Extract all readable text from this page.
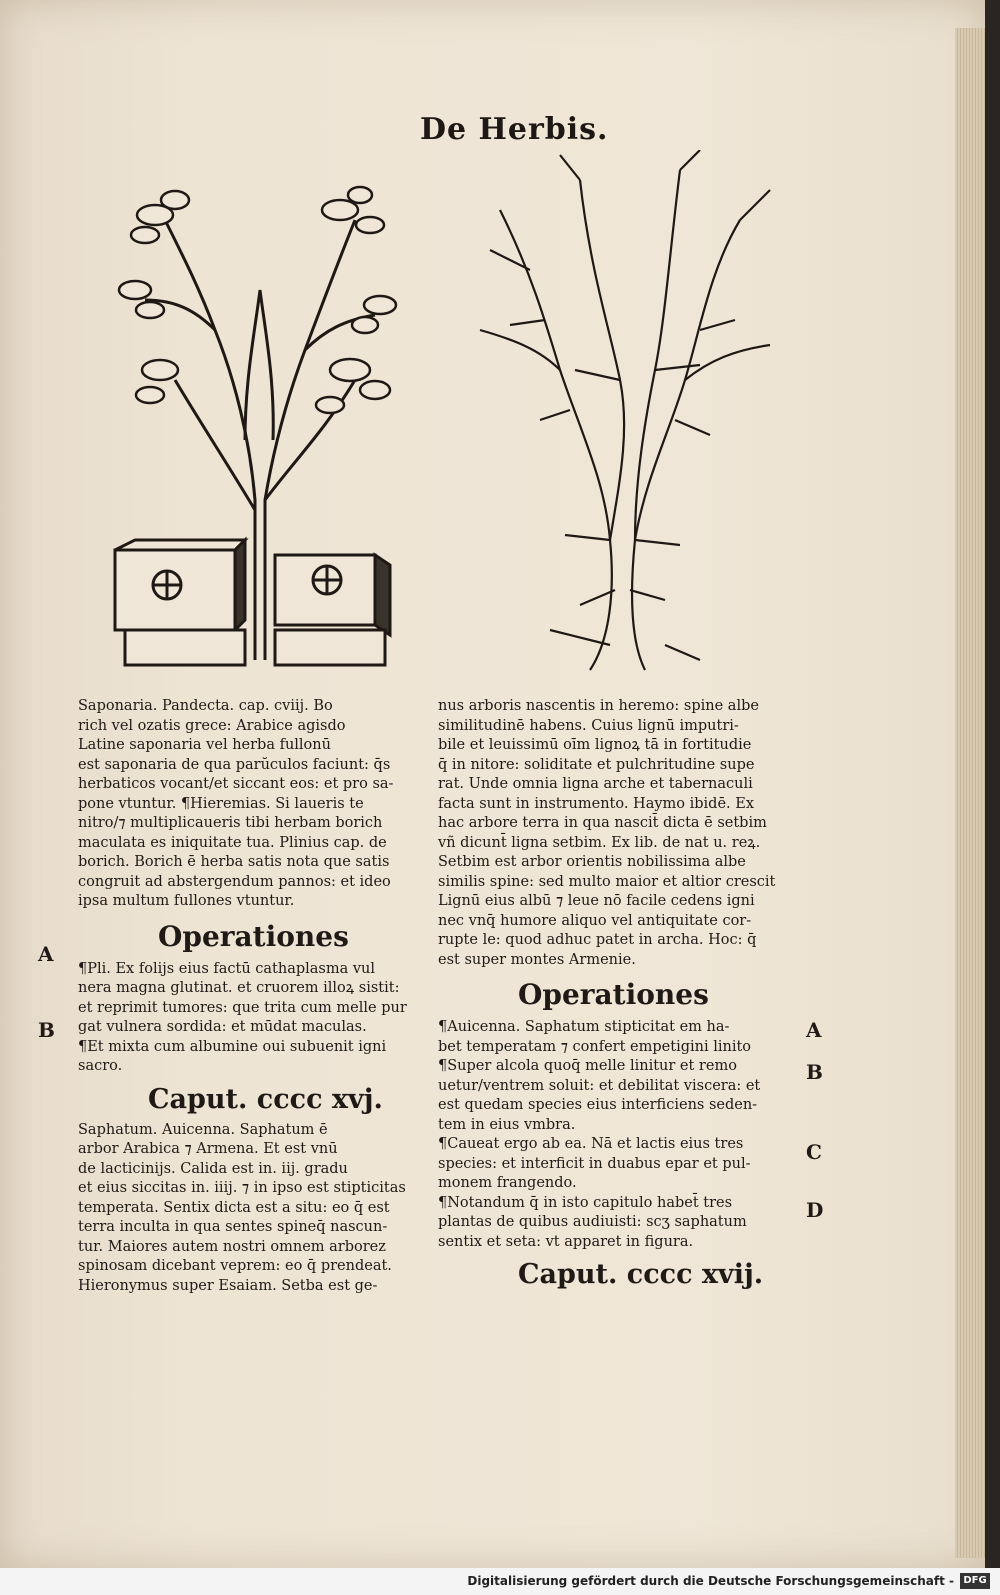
De Herbis.

Saponaria. Pandecta. cap. cviij. Bo

rich vel ozatis grece: Arabice agisdo

Latine saponaria vel herba fullonū

est saponaria de qua parŭculos faciunt: q̄s

herbaticos vocant/et siccant eos: et pro sa-

pone vtuntur. ¶Hieremias. Si laueris te

nitro/⁊ multiplicaueris tibi herbam borich

maculata es iniquitate tua. Plinius cap. de

borich. Borich ē herba satis nota que satis

congruit ad abstergendum pannos: et ideo

ipsa multum fullones vtuntur.

Operationes

¶Pli. Ex folijs eius factū cathaplasma vul

nera magna glutinat. et cruorem illoꝝ sistit:

et reprimit tumores: que trita cum melle pur

gat vulnera sordida: et mūdat maculas.

¶Et mixta cum albumine oui subuenit igni

sacro.

Caput. cccc xvj.

Saphatum. Auicenna. Saphatum ē

arbor Arabica ⁊ Armena. Et est vnū

de lacticinijs. Calida est in. iij. gradu

et eius siccitas in. iiij. ⁊ in ipso est stipticitas

temperata. Sentix dicta est a situ: eo q̄ est

terra inculta in qua sentes spineq̄ nascun-

tur. Maiores autem nostri omnem arborez

spinosam dicebant veprem: eo q̄ prendeat.

Hieronymus super Esaiam. Setba est ge-

nus arboris nascentis in heremo: spine albe

similitudinē habens. Cuius lignū imputri-

bile et leuissimū oīm lignoꝝ tā in fortitudie

q̄ in nitore: soliditate et pulchritudine supe

rat. Unde omnia ligna arche et tabernaculi

facta sunt in instrumento. Haymo ibidē. Ex

hac arbore terra in qua nascit̄ dicta ē setbim

vñ dicunt̄ ligna setbim. Ex lib. de nat u. reꝝ.

Setbim est arbor orientis nobilissima albe

similis spine: sed multo maior et altior crescit

Lignū eius albū ⁊ leue nō facile cedens igni

nec vnq̄ humore aliquo vel antiquitate cor-

rupte le: quod adhuc patet in archa. Hoc: q̄

est super montes Armenie.

Operationes

¶Auicenna. Saphatum stipticitat em ha-

bet temperatam ⁊ confert empetigini linito

¶Super alcola quoq̄ melle linitur et remo

uetur/ventrem soluit: et debilitat viscera: et

est quedam species eius interficiens seden-

tem in eius vmbra.

¶Caueat ergo ab ea. Nā et lactis eius tres

species: et interficit in duabus epar et pul-

monem frangendo.

¶Notandum q̄ in isto capitulo habet̄ tres

plantas de quibus audiuisti: scʒ saphatum

sentix et seta: vt apparet in figura.

Caput. cccc xvij.

A
B	A
B
C
D
Digitalisierung gefördert durch die Deutsche Forschungsgemeinschaft - DFG
